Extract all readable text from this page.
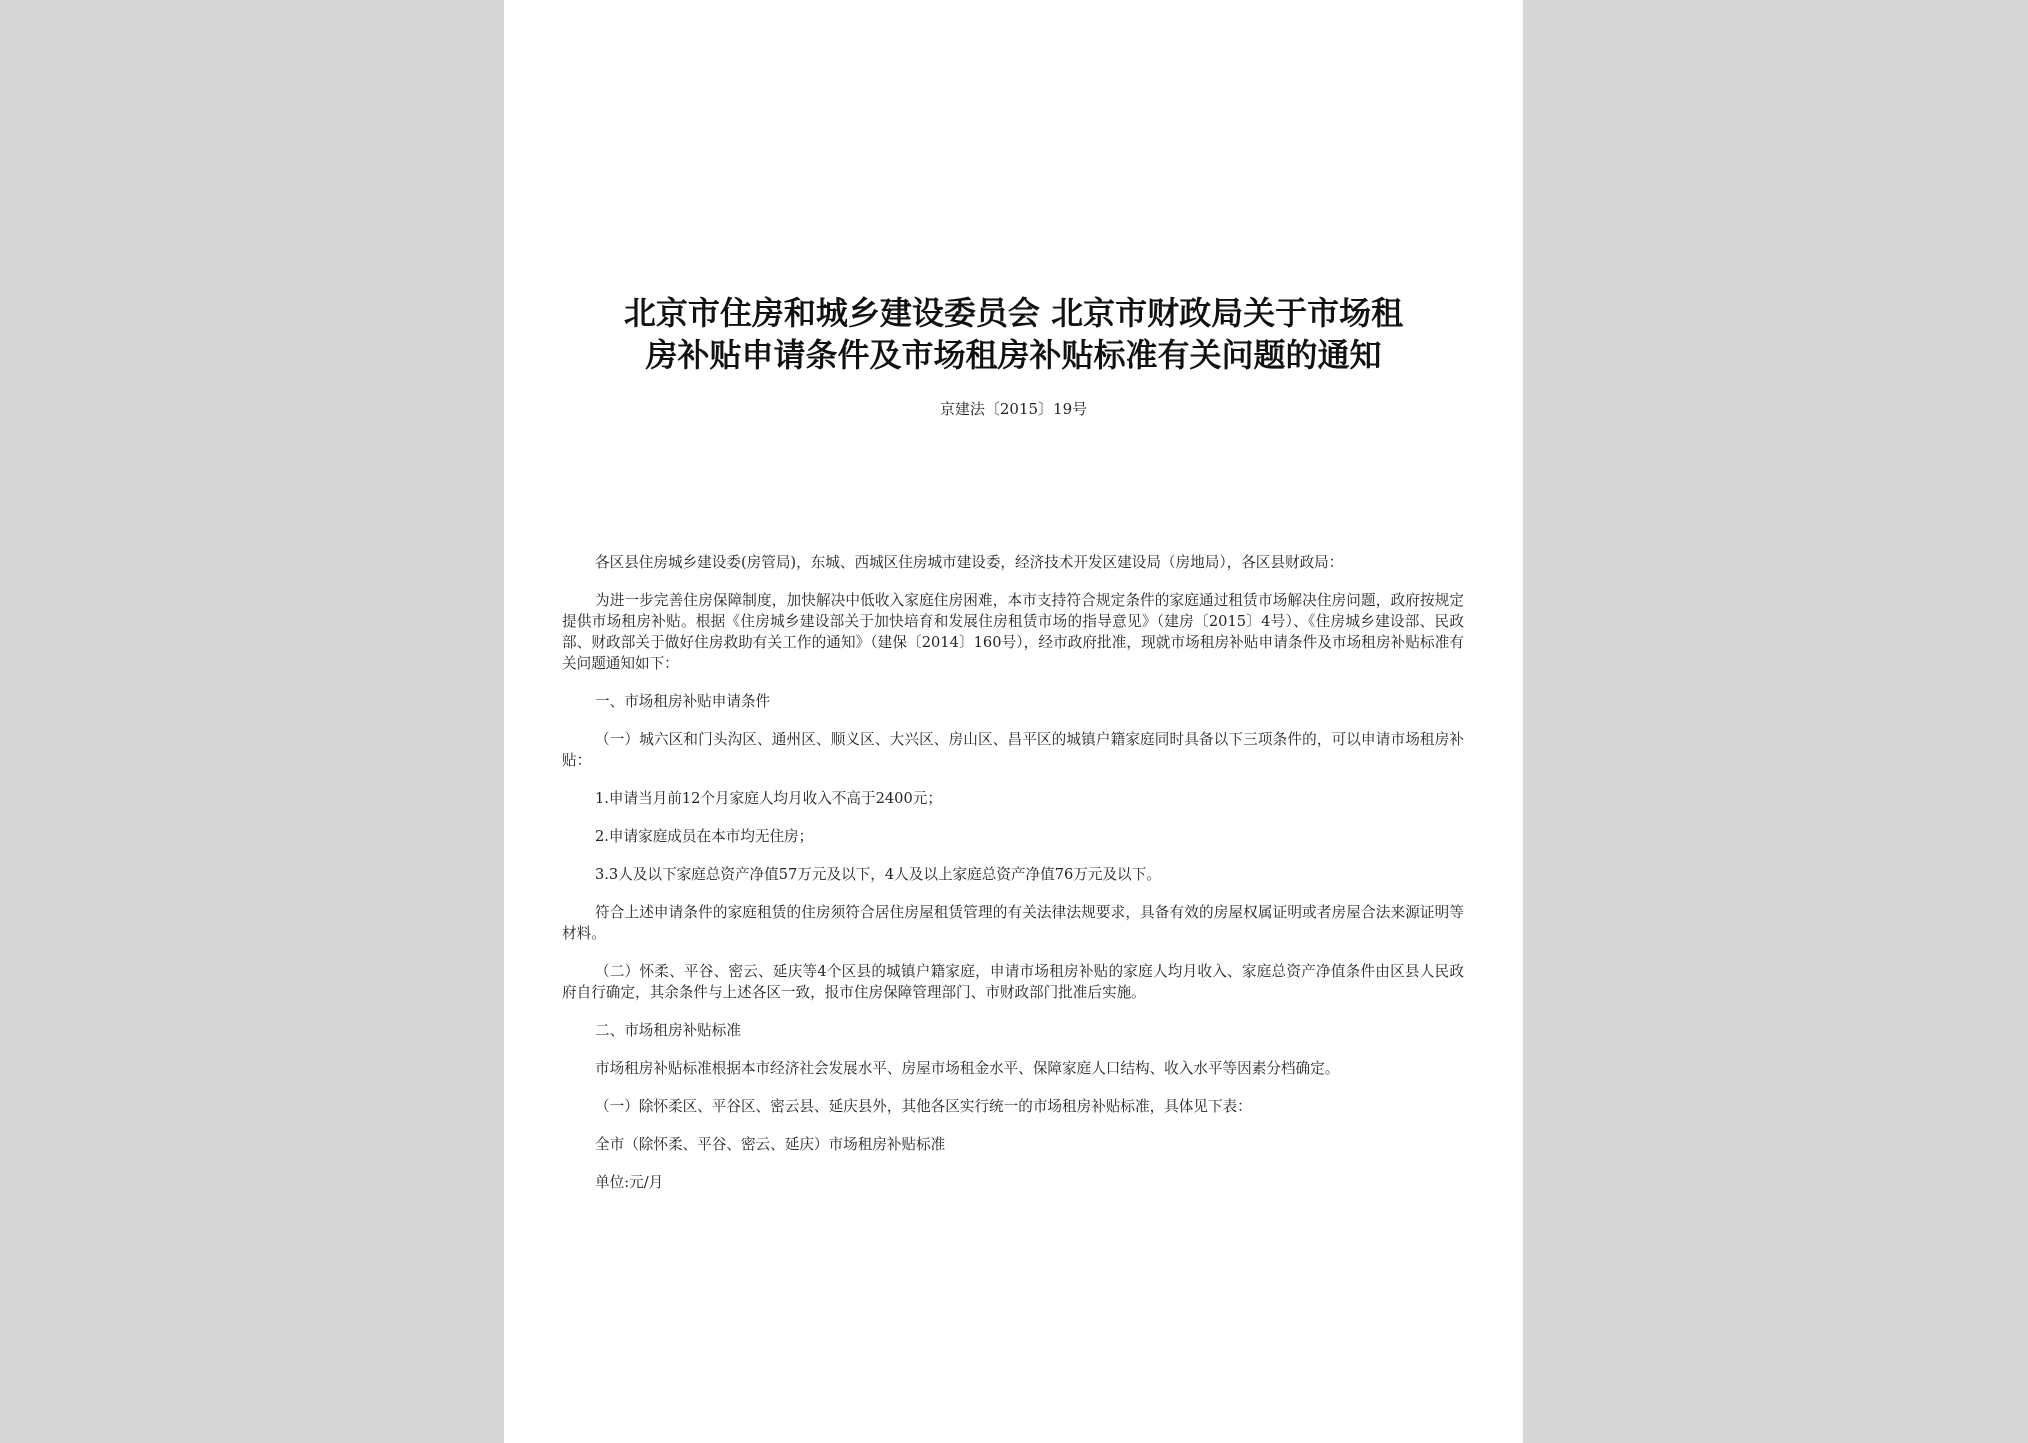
北京市住房和城乡建设委员会 北京市财政局关于市场租
房补贴申请条件及市场租房补贴标准有关问题的通知

京建法〔2015〕19号

各区县住房城乡建设委(房管局)，东城、西城区住房城市建设委，经济技术开发区建设局（房地局），各区县财政局：

为进一步完善住房保障制度，加快解决中低收入家庭住房困难，本市支持符合规定条件的家庭通过租赁市场解决住房问题，政府按规定提供市场租房补贴。根据《住房城乡建设部关于加快培育和发展住房租赁市场的指导意见》（建房〔2015〕4号）、《住房城乡建设部、民政部、财政部关于做好住房救助有关工作的通知》（建保〔2014〕160号），经市政府批准，现就市场租房补贴申请条件及市场租房补贴标准有关问题通知如下：

一、市场租房补贴申请条件

（一）城六区和门头沟区、通州区、顺义区、大兴区、房山区、昌平区的城镇户籍家庭同时具备以下三项条件的，可以申请市场租房补贴：

1.申请当月前12个月家庭人均月收入不高于2400元；

2.申请家庭成员在本市均无住房；

3.3人及以下家庭总资产净值57万元及以下，4人及以上家庭总资产净值76万元及以下。

符合上述申请条件的家庭租赁的住房须符合居住房屋租赁管理的有关法律法规要求，具备有效的房屋权属证明或者房屋合法来源证明等材料。

（二）怀柔、平谷、密云、延庆等4个区县的城镇户籍家庭，申请市场租房补贴的家庭人均月收入、家庭总资产净值条件由区县人民政府自行确定，其余条件与上述各区一致，报市住房保障管理部门、市财政部门批准后实施。

二、市场租房补贴标准

市场租房补贴标准根据本市经济社会发展水平、房屋市场租金水平、保障家庭人口结构、收入水平等因素分档确定。

（一）除怀柔区、平谷区、密云县、延庆县外，其他各区实行统一的市场租房补贴标准，具体见下表：

全市（除怀柔、平谷、密云、延庆）市场租房补贴标准

单位:元/月
